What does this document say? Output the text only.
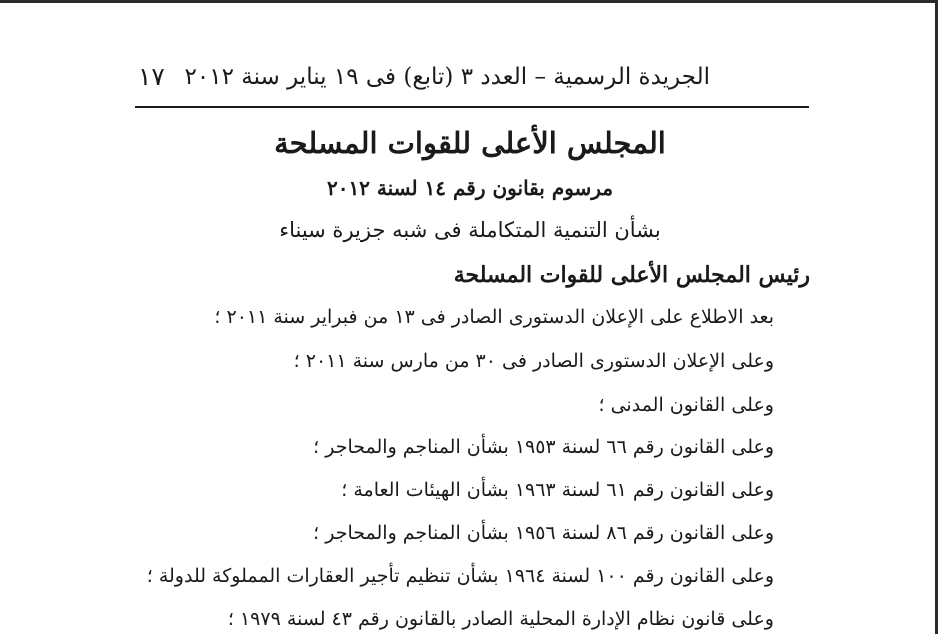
الجريدة الرسمية – العدد ٣ (تابع) فى ١٩ يناير سنة ٢٠١٢
١٧
المجلس الأعلى للقوات المسلحة
مرسوم بقانون رقم ١٤ لسنة ٢٠١٢
بشأن التنمية المتكاملة فى شبه جزيرة سيناء
رئيس المجلس الأعلى للقوات المسلحة
بعد الاطلاع على الإعلان الدستورى الصادر فى ١٣ من فبراير سنة ٢٠١١ ؛
وعلى الإعلان الدستورى الصادر فى ٣٠ من مارس سنة ٢٠١١ ؛
وعلى القانون المدنى ؛
وعلى القانون رقم ٦٦ لسنة ١٩٥٣ بشأن المناجم والمحاجر ؛
وعلى القانون رقم ٦١ لسنة ١٩٦٣ بشأن الهيئات العامة ؛
وعلى القانون رقم ٨٦ لسنة ١٩٥٦ بشأن المناجم والمحاجر ؛
وعلى القانون رقم ١٠٠ لسنة ١٩٦٤ بشأن تنظيم تأجير العقارات المملوكة للدولة ؛
وعلى قانون نظام الإدارة المحلية الصادر بالقانون رقم ٤٣ لسنة ١٩٧٩ ؛
